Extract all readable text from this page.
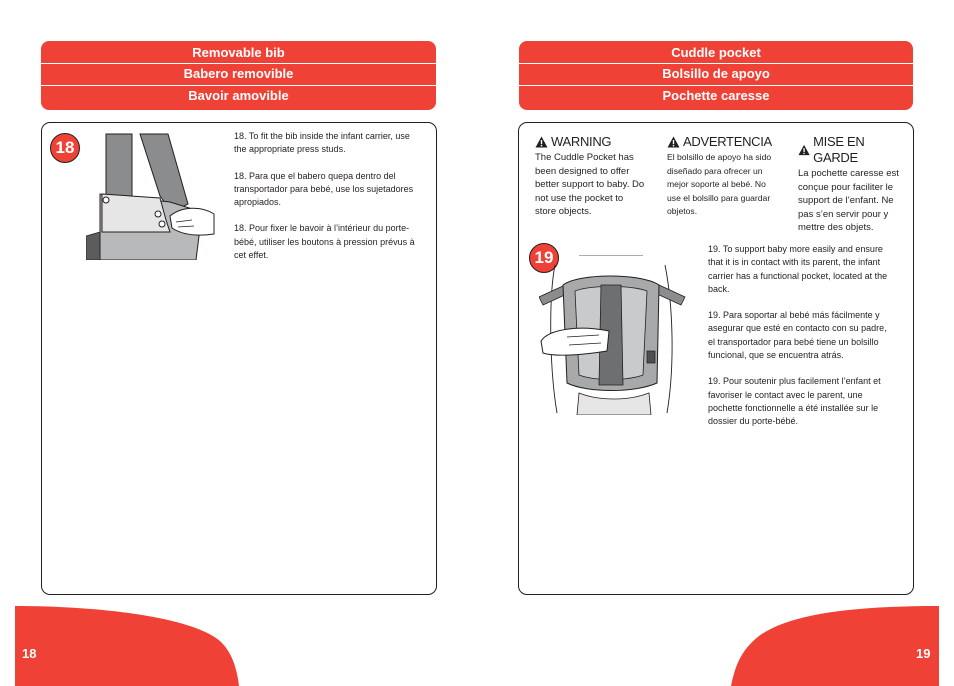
Removable bib
Babero removible
Bavoir amovible
18

18. To fit the bib inside the infant carrier, use the appropriate press studs.

18. Para que el babero quepa dentro del transportador para bebé, use los sujetadores apropiados.

18. Pour fixer le bavoir à l’intérieur du porte-bébé, utiliser les boutons à pression prévus à cet effet.

18
Cuddle pocket
Bolsillo de apoyo
Pochette caresse
WARNING
The Cuddle Pocket has been designed to offer better support to baby. Do not use the pocket to store objects.
ADVERTENCIA
El bolsillo de apoyo ha sido diseñado para ofrecer un mejor soporte al bebé. No use el bolsillo para guardar objetos.
MISE EN GARDE
La pochette caresse est conçue pour faciliter le support de l’enfant. Ne pas s’en servir pour y mettre des objets.
19	19. To support baby more easily and ensure that it is in contact with its parent, the infant carrier has a functional pocket, located at the back.

19. Para soportar al bebé más fácilmente y asegurar que esté en contacto con su padre, el transportador para bebé tiene un bolsillo funcional, que se encuentra atrás.

19. Pour soutenir plus facilement l’enfant et favoriser le contact avec le parent, une pochette fonctionnelle a été installée sur le dossier du porte-bébé.

19
